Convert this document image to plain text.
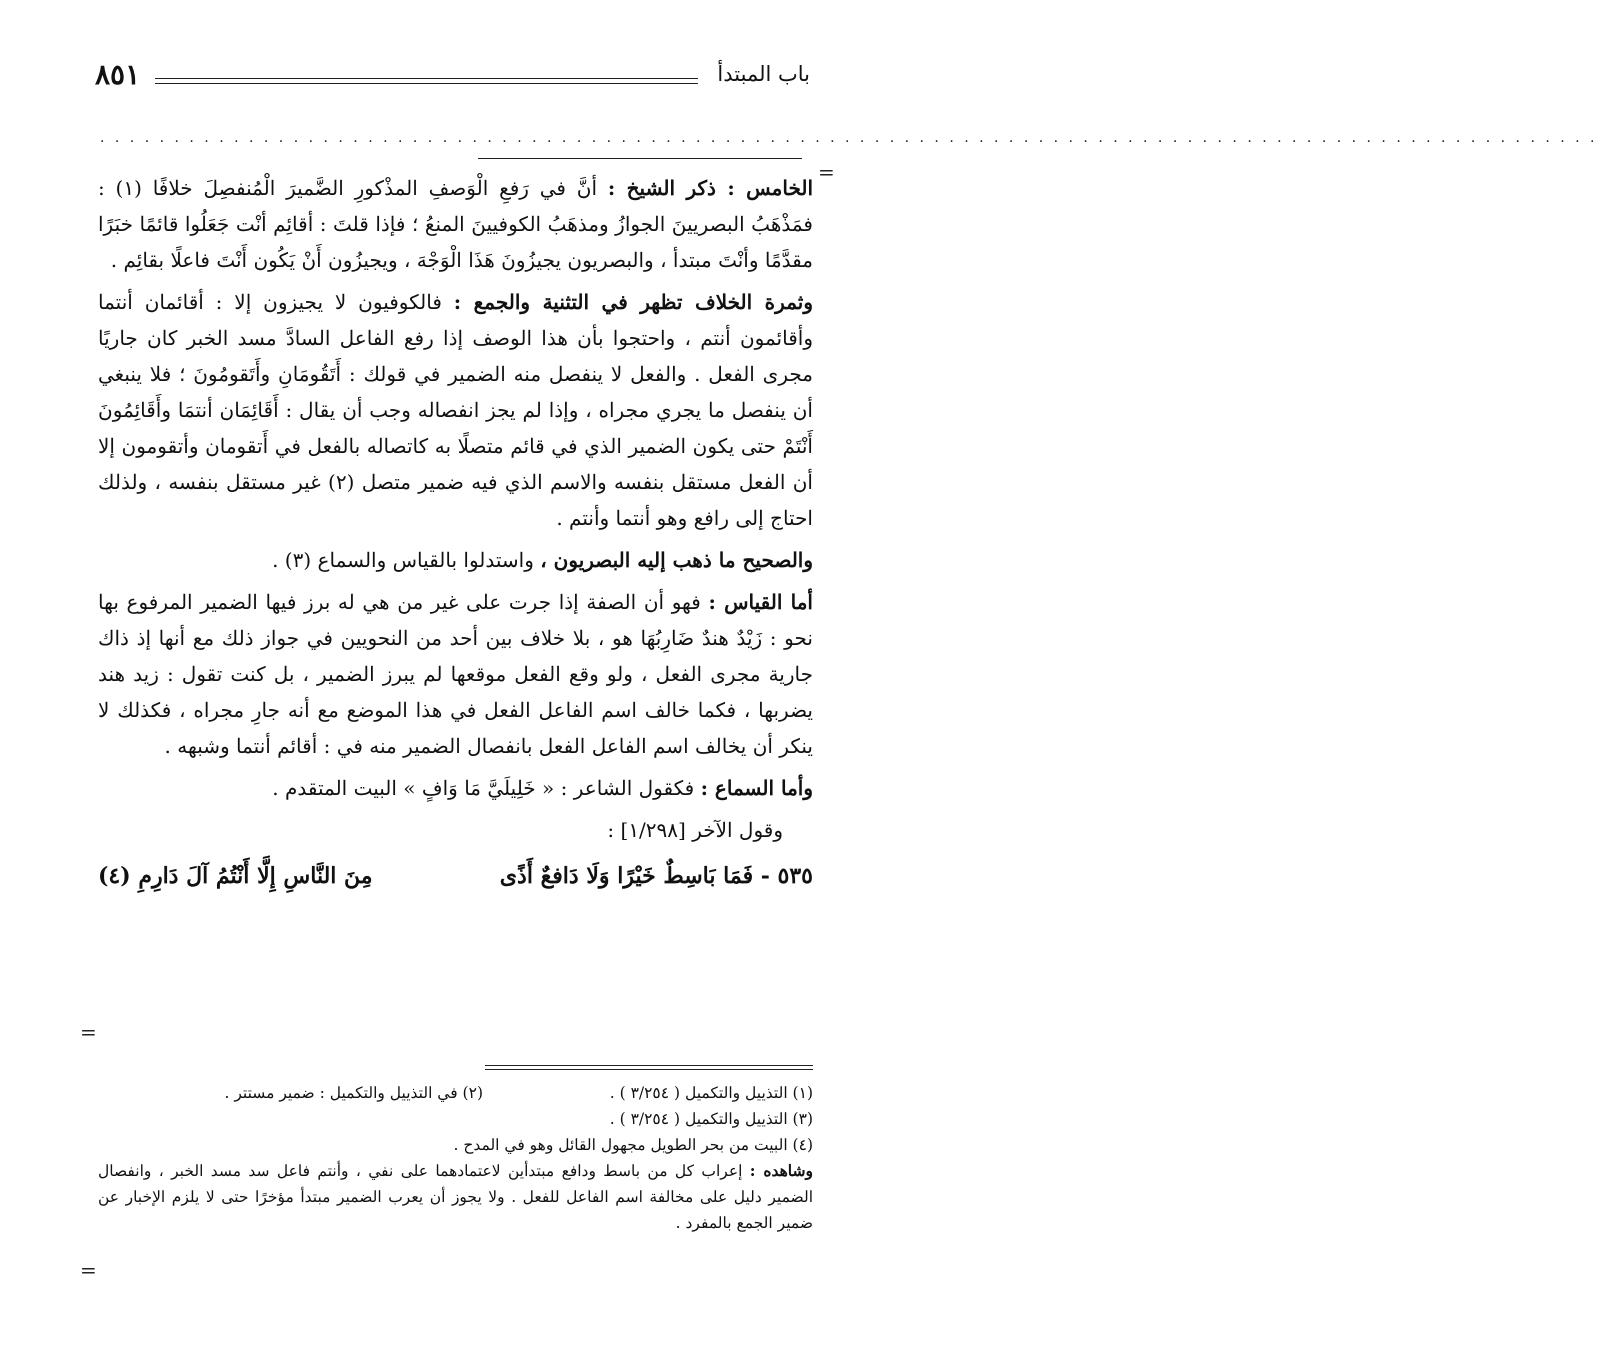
٨٥١	باب المبتدأ
. . . . . . . . . . . . . . . . . . . . . . . . . . . . . . . . . . . . . . . . . . . . . . . . . . . . . . . . . . . . . . . . . . . . . . . . . . . . . . . . . . . . . . . . . . . . . . . . . . . . .
=
=
=

الخامس : ذكر الشيخ : أنَّ في رَفعِ الْوَصفِ المذْكورِ الضَّميرَ الْمُنفصِلَ خلافًا (١) : فمَذْهَبُ البصريينَ الجوازُ ومذهَبُ الكوفيينَ المنعُ ؛ فإذا قلتَ : أقائِم أنْت جَعَلُوا قائمًا خبَرًا مقدَّمًا وأنْتَ مبتدأ ، والبصريون يجيزُونَ هَذَا الْوَجْهَ ، ويجيزُون أَنْ يَكُون أَنْتَ فاعلًا بقائِم .

وثمرة الخلاف تظهر في التثنية والجمع : فالكوفيون لا يجيزون إلا : أقائمان أنتما وأقائمون أنتم ، واحتجوا بأن هذا الوصف إذا رفع الفاعل السادَّ مسد الخبر كان جاريًا مجرى الفعل . والفعل لا ينفصل منه الضمير في قولك : أَتَقُومَانِ وأَتَقومُونَ ؛ فلا ينبغي أن ينفصل ما يجري مجراه ، وإذا لم يجز انفصاله وجب أن يقال : أَقَائِمَان أنتمَا وأَقَائِمُونَ أَنْتَمْ حتى يكون الضمير الذي في قائم متصلًا به كاتصاله بالفعل في أَتقومان وأتقومون إلا أن الفعل مستقل بنفسه والاسم الذي فيه ضمير متصل (٢) غير مستقل بنفسه ، ولذلك احتاج إلى رافع وهو أنتما وأنتم .

والصحيح ما ذهب إليه البصريون ، واستدلوا بالقياس والسماع (٣) .

أما القياس : فهو أن الصفة إذا جرت على غير من هي له برز فيها الضمير المرفوع بها نحو : زَيْدٌ هندٌ ضَارِبُهَا هو ، بلا خلاف بين أحد من النحويين في جواز ذلك مع أنها إذ ذاك جارية مجرى الفعل ، ولو وقع الفعل موقعها لم يبرز الضمير ، بل كنت تقول : زيد هند يضربها ، فكما خالف اسم الفاعل الفعل في هذا الموضع مع أنه جارِ مجراه ، فكذلك لا ينكر أن يخالف اسم الفاعل الفعل بانفصال الضمير منه في : أقائم أنتما وشبهه .

وأما السماع : فكقول الشاعر : « خَلِيلَيَّ مَا وَافٍ » البيت المتقدم .

وقول الآخر [١/٢٩٨] :

٥٣٥ - فَمَا بَاسِطٌ خَيْرًا وَلَا دَافعٌ أَذًى
مِنَ النَّاسِ إِلَّا أَنْتُمُ آلَ دَارِمِ (٤)
(١) التذييل والتكميل ( ٣/٢٥٤ ) .
(٢) في التذييل والتكميل : ضمير مستتر .
(٣) التذييل والتكميل ( ٣/٢٥٤ ) .
(٤) البيت من بحر الطويل مجهول القائل وهو في المدح .
وشاهده : إعراب كل من باسط ودافع مبتدأين لاعتمادهما على نفي ، وأنتم فاعل سد مسد الخبر ، وانفصال الضمير دليل على مخالفة اسم الفاعل للفعل . ولا يجوز أن يعرب الضمير مبتدأ مؤخرًا حتى لا يلزم الإخبار عن ضمير الجمع بالمفرد .
